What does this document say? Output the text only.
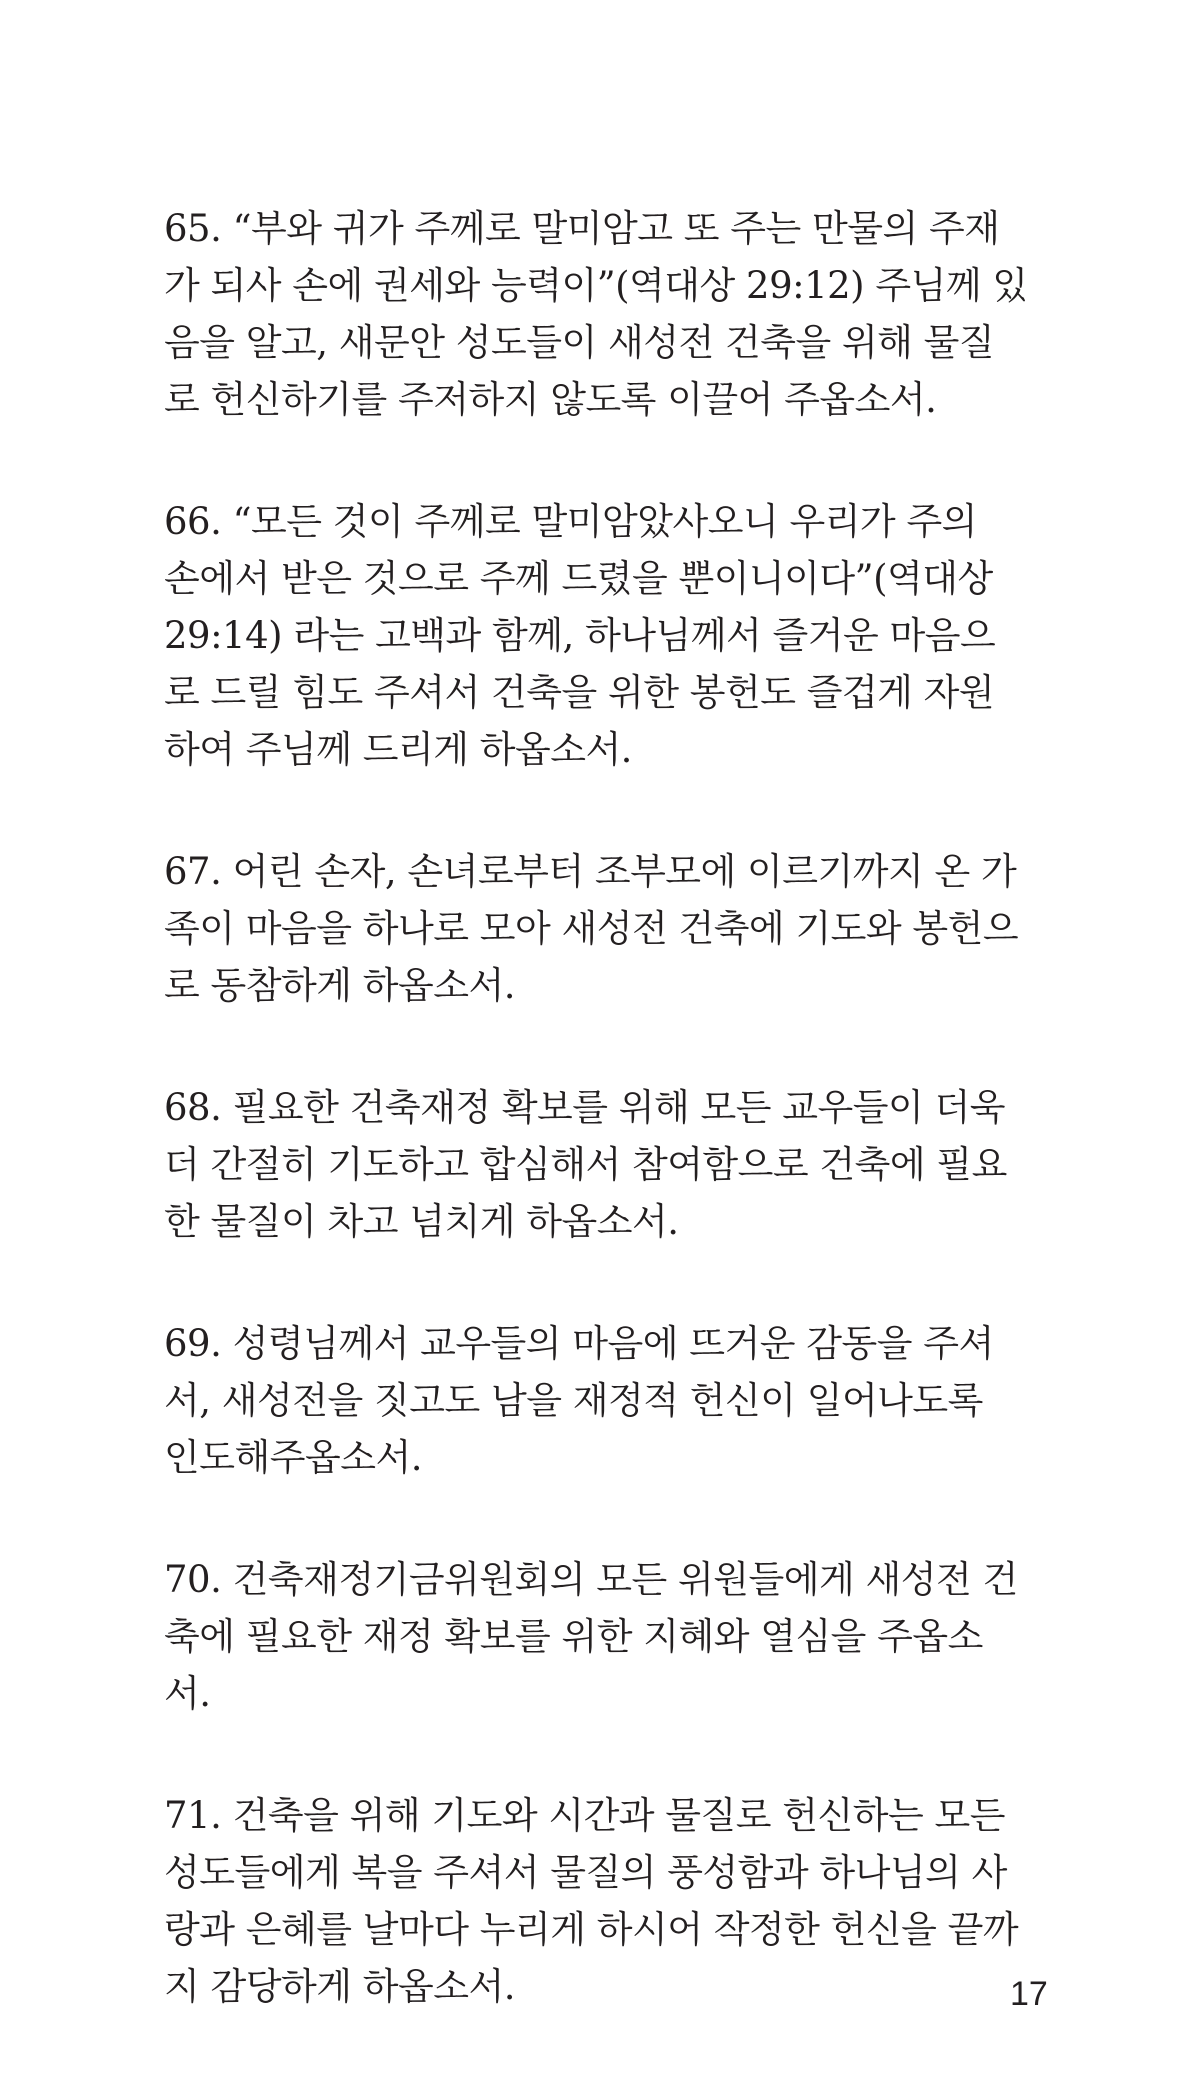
65. “부와 귀가 주께로 말미암고 또 주는 만물의 주재
가 되사 손에 권세와 능력이”(역대상 29:12) 주님께 있
음을 알고, 새문안 성도들이 새성전 건축을 위해 물질
로 헌신하기를 주저하지 않도록 이끌어 주옵소서.
66. “모든 것이 주께로 말미암았사오니 우리가 주의
손에서 받은 것으로 주께 드렸을 뿐이니이다”(역대상
29:14) 라는 고백과 함께, 하나님께서 즐거운 마음으
로 드릴 힘도 주셔서 건축을 위한 봉헌도 즐겁게 자원
하여 주님께 드리게 하옵소서.
67. 어린 손자, 손녀로부터 조부모에 이르기까지 온 가
족이 마음을 하나로 모아 새성전 건축에 기도와 봉헌으
로 동참하게 하옵소서.
68. 필요한 건축재정 확보를 위해 모든 교우들이 더욱
더 간절히 기도하고 합심해서 참여함으로 건축에 필요
한 물질이 차고 넘치게 하옵소서.
69. 성령님께서 교우들의 마음에 뜨거운 감동을 주셔
서, 새성전을 짓고도 남을 재정적 헌신이 일어나도록
인도해주옵소서.
70. 건축재정기금위원회의 모든 위원들에게 새성전 건
축에 필요한 재정 확보를 위한 지혜와 열심을 주옵소
서.
71. 건축을 위해 기도와 시간과 물질로 헌신하는 모든
성도들에게 복을 주셔서 물질의 풍성함과 하나님의 사
랑과 은혜를 날마다 누리게 하시어 작정한 헌신을 끝까
지 감당하게 하옵소서.	17
